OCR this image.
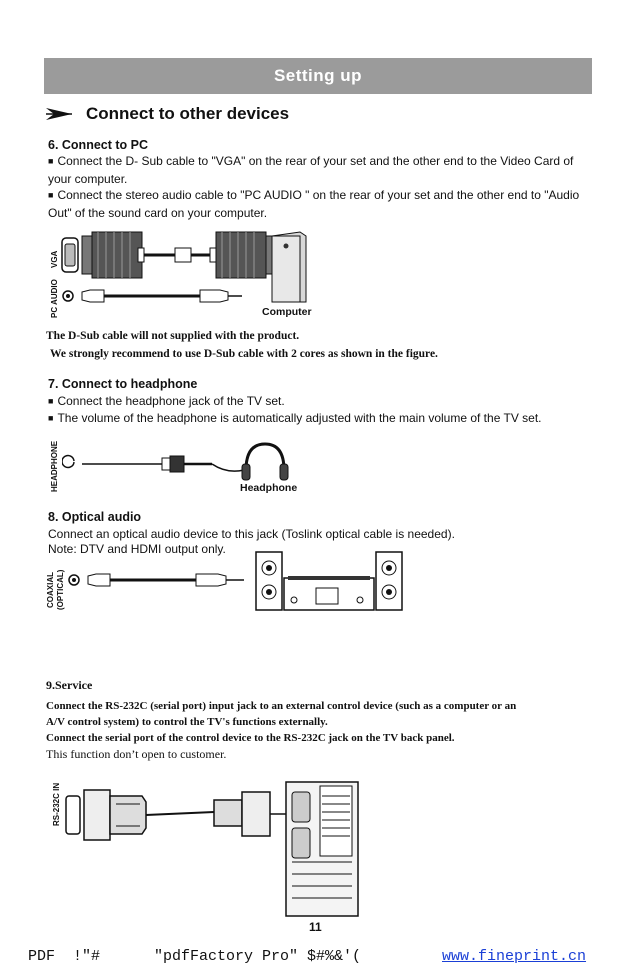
Setting up
Connect to other devices
6. Connect to PC
■ Connect the D- Sub cable to "VGA" on the rear of your set and the other end to the Video Card of your computer.
■ Connect the stereo audio cable to "PC AUDIO " on the rear of your set and the other end to "Audio Out" of the sound card on your computer.
VGA
PC AUDIO	Computer
The D-Sub cable will not supplied with the product.
We strongly recommend to use D-Sub cable with 2 cores as shown in the figure.
7. Connect to headphone
■ Connect the headphone jack of the TV set.
■ The volume of the headphone is automatically adjusted with the main volume of the TV set.
HEADPHONE	Headphone
8. Optical audio
Connect an optical audio device to this jack (Toslink optical cable is needed).
Note: DTV and HDMI output only.
COAXIAL (OPTICAL)
9.Service
Connect the RS-232C (serial port) input jack to an external control device (such as a computer or an
A/V control system) to control the TV's functions externally.
Connect the serial port of the control device to the RS-232C jack on the TV back panel.
This function don’t open to customer.
RS-232C IN
11
PDF  !"#	"pdfFactory Pro" $#%&'(	www.fineprint.cn
